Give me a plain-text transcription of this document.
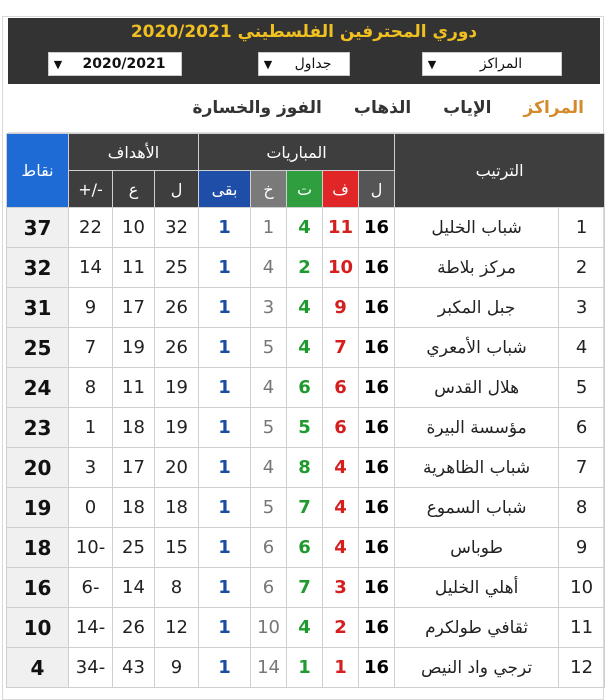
دوري المحترفين الفلسطيني 2020/2021
▼	2020/2021	▼	جداول	▼	المراكز
المراكز
الإياب
الذهاب
الفوز والخسارة
نقاط	الأهداف			المباريات					الترتيب	
	+/-	ع	ل	بقى	خ	ت	ف	ل		
37	22	10	32	1	1	4	11	16	شباب الخليل	1
32	14	11	25	1	4	2	10	16	مركز بلاطة	2
31	9	17	26	1	3	4	9	16	جبل المكبر	3
25	7	19	26	1	5	4	7	16	شباب الأمعري	4
24	8	11	19	1	4	6	6	16	هلال القدس	5
23	1	18	19	1	5	5	6	16	مؤسسة البيرة	6
20	3	17	20	1	4	8	4	16	شباب الظاهرية	7
19	0	18	18	1	5	7	4	16	شباب السموع	8
18	10-	25	15	1	6	6	4	16	طوباس	9
16	6-	14	8	1	6	7	3	16	أهلي الخليل	10
10	14-	26	12	1	10	4	2	16	ثقافي طولكرم	11
4	34-	43	9	1	14	1	1	16	ترجي واد النيص	12
